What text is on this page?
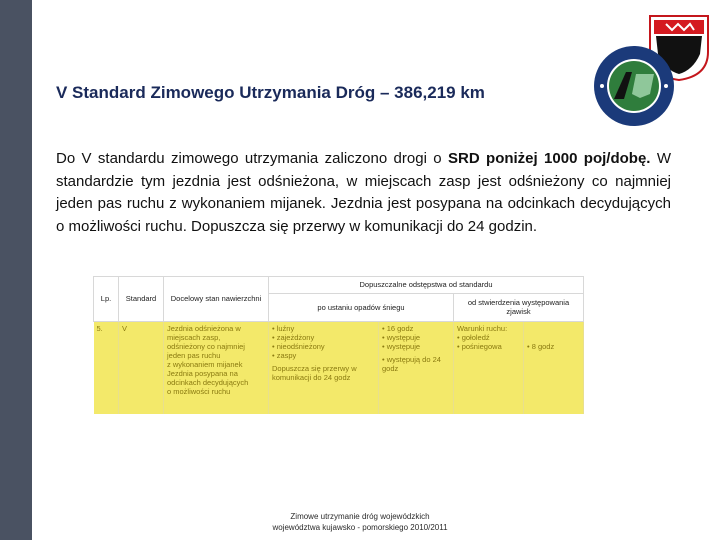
V Standard Zimowego Utrzymania Dróg – 386,219 km
Do V standardu zimowego utrzymania zaliczono drogi o SRD poniżej 1000 poj/dobę. W standardzie tym jezdnia jest odśnieżona, w miejscach zasp jest odśnieżony co najmniej jeden pas ruchu z wykonaniem mijanek. Jezdnia jest posypana na odcinkach decydujących o możliwości ruchu. Dopuszcza się przerwy w komunikacji do 24 godzin.
Lp.	Standard	Docelowy stan nawierzchni	Dopuszczalne odstępstwa od standardu			
			po ustaniu opadów śniegu		od stwierdzenia występowania zjawisk	
5.	V	Jezdnia odśnieżona w miejscach zasp,
odśnieżony co najmniej jeden pas ruchu
z wykonaniem mijanek
Jezdnia posypana na odcinkach decydujących
o możliwości ruchu	• luźny
• zajeżdżony
• nieodśnieżony
• zaspy
Dopuszcza się przerwy w komunikacji do 24 godz	• 16 godz
• występuje
• występuje
• występują do 24 godz	Warunki ruchu:
• gołoledź
• pośniegowa	• 8 godz
Zimowe utrzymanie dróg wojewódzkich
województwa kujawsko - pomorskiego 2010/2011
